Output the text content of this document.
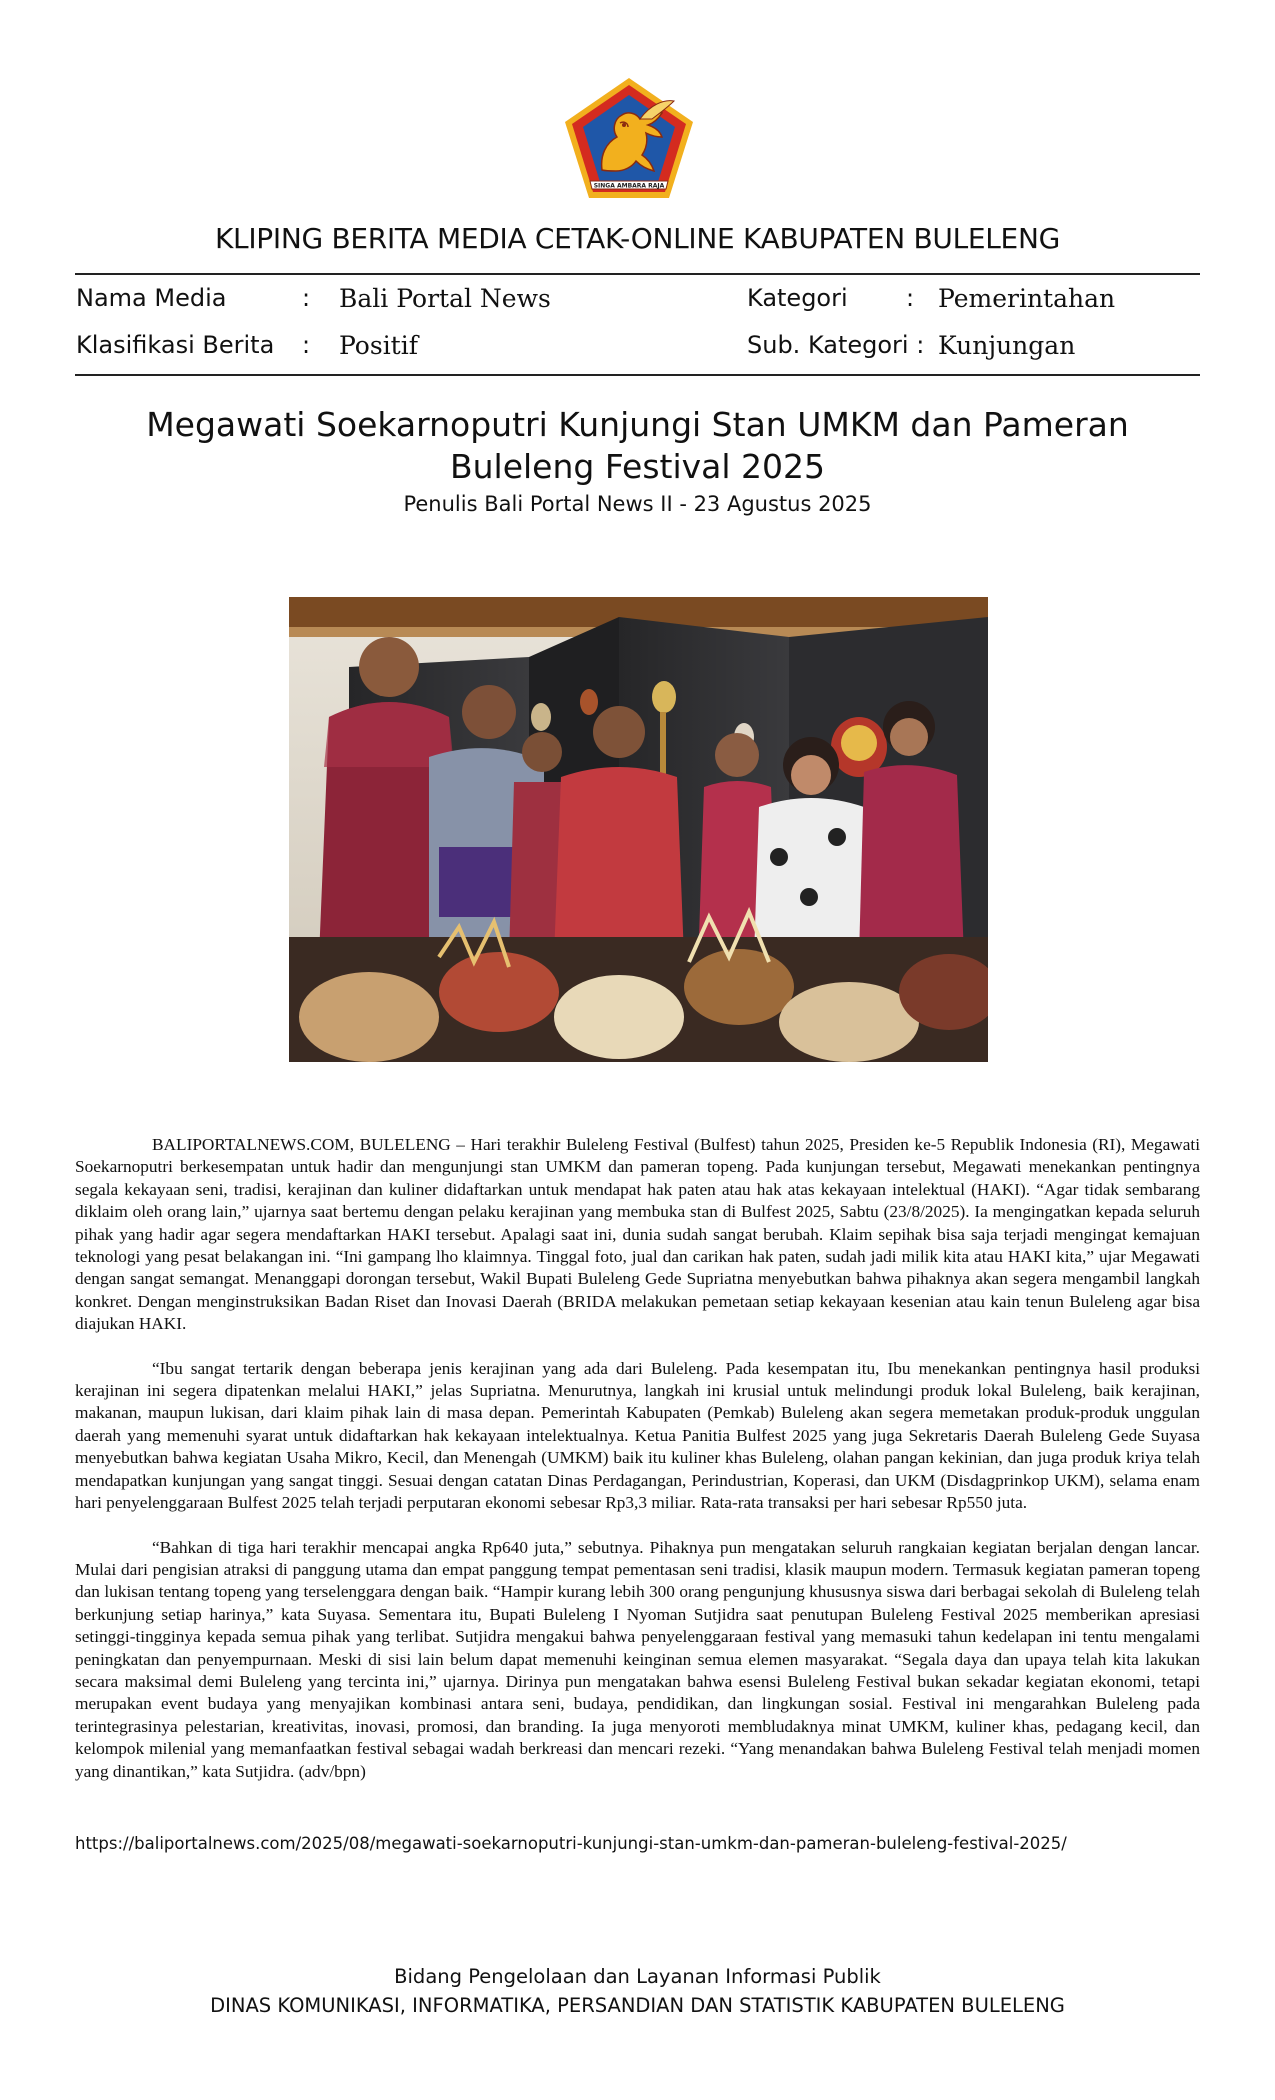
SINGA AMBARA RAJA
KLIPING BERITA MEDIA CETAK-ONLINE KABUPATEN BULELENG
Nama Media	: Bali Portal News	Kategori : Pemerintahan
Klasifikasi Berita : Positif	Sub. Kategori : Kunjungan
Megawati Soekarnoputri Kunjungi Stan UMKM dan Pameran Buleleng Festival 2025
Penulis Bali Portal News II - 23 Agustus 2025

BALIPORTALNEWS.COM, BULELENG – Hari terakhir Buleleng Festival (Bulfest) tahun 2025, Presiden ke-5 Republik Indonesia (RI), Megawati Soekarnoputri berkesempatan untuk hadir dan mengunjungi stan UMKM dan pameran topeng. Pada kunjungan tersebut, Megawati menekankan pentingnya segala kekayaan seni, tradisi, kerajinan dan kuliner didaftarkan untuk mendapat hak paten atau hak atas kekayaan intelektual (HAKI). “Agar tidak sembarang diklaim oleh orang lain,” ujarnya saat bertemu dengan pelaku kerajinan yang membuka stan di Bulfest 2025, Sabtu (23/8/2025). Ia mengingatkan kepada seluruh pihak yang hadir agar segera mendaftarkan HAKI tersebut. Apalagi saat ini, dunia sudah sangat berubah. Klaim sepihak bisa saja terjadi mengingat kemajuan teknologi yang pesat belakangan ini. “Ini gampang lho klaimnya. Tinggal foto, jual dan carikan hak paten, sudah jadi milik kita atau HAKI kita,” ujar Megawati dengan sangat semangat. Menanggapi dorongan tersebut, Wakil Bupati Buleleng Gede Supriatna menyebutkan bahwa pihaknya akan segera mengambil langkah konkret. Dengan menginstruksikan Badan Riset dan Inovasi Daerah (BRIDA melakukan pemetaan setiap kekayaan kesenian atau kain tenun Buleleng agar bisa diajukan HAKI.

“Ibu sangat tertarik dengan beberapa jenis kerajinan yang ada dari Buleleng. Pada kesempatan itu, Ibu menekankan pentingnya hasil produksi kerajinan ini segera dipatenkan melalui HAKI,” jelas Supriatna. Menurutnya, langkah ini krusial untuk melindungi produk lokal Buleleng, baik kerajinan, makanan, maupun lukisan, dari klaim pihak lain di masa depan. Pemerintah Kabupaten (Pemkab) Buleleng akan segera memetakan produk-produk unggulan daerah yang memenuhi syarat untuk didaftarkan hak kekayaan intelektualnya. Ketua Panitia Bulfest 2025 yang juga Sekretaris Daerah Buleleng Gede Suyasa menyebutkan bahwa kegiatan Usaha Mikro, Kecil, dan Menengah (UMKM) baik itu kuliner khas Buleleng, olahan pangan kekinian, dan juga produk kriya telah mendapatkan kunjungan yang sangat tinggi. Sesuai dengan catatan Dinas Perdagangan, Perindustrian, Koperasi, dan UKM (Disdagprinkop UKM), selama enam hari penyelenggaraan Bulfest 2025 telah terjadi perputaran ekonomi sebesar Rp3,3 miliar. Rata-rata transaksi per hari sebesar Rp550 juta.

“Bahkan di tiga hari terakhir mencapai angka Rp640 juta,” sebutnya. Pihaknya pun mengatakan seluruh rangkaian kegiatan berjalan dengan lancar. Mulai dari pengisian atraksi di panggung utama dan empat panggung tempat pementasan seni tradisi, klasik maupun modern. Termasuk kegiatan pameran topeng dan lukisan tentang topeng yang terselenggara dengan baik. “Hampir kurang lebih 300 orang pengunjung khususnya siswa dari berbagai sekolah di Buleleng telah berkunjung setiap harinya,” kata Suyasa. Sementara itu, Bupati Buleleng I Nyoman Sutjidra saat penutupan Buleleng Festival 2025 memberikan apresiasi setinggi-tingginya kepada semua pihak yang terlibat. Sutjidra mengakui bahwa penyelenggaraan festival yang memasuki tahun kedelapan ini tentu mengalami peningkatan dan penyempurnaan. Meski di sisi lain belum dapat memenuhi keinginan semua elemen masyarakat. “Segala daya dan upaya telah kita lakukan secara maksimal demi Buleleng yang tercinta ini,” ujarnya. Dirinya pun mengatakan bahwa esensi Buleleng Festival bukan sekadar kegiatan ekonomi, tetapi merupakan event budaya yang menyajikan kombinasi antara seni, budaya, pendidikan, dan lingkungan sosial. Festival ini mengarahkan Buleleng pada terintegrasinya pelestarian, kreativitas, inovasi, promosi, dan branding. Ia juga menyoroti membludaknya minat UMKM, kuliner khas, pedagang kecil, dan kelompok milenial yang memanfaatkan festival sebagai wadah berkreasi dan mencari rezeki. “Yang menandakan bahwa Buleleng Festival telah menjadi momen yang dinantikan,” kata Sutjidra. (adv/bpn)

https://baliportalnews.com/2025/08/megawati-soekarnoputri-kunjungi-stan-umkm-dan-pameran-buleleng-festival-2025/
Bidang Pengelolaan dan Layanan Informasi Publik
DINAS KOMUNIKASI, INFORMATIKA, PERSANDIAN DAN STATISTIK KABUPATEN BULELENG
